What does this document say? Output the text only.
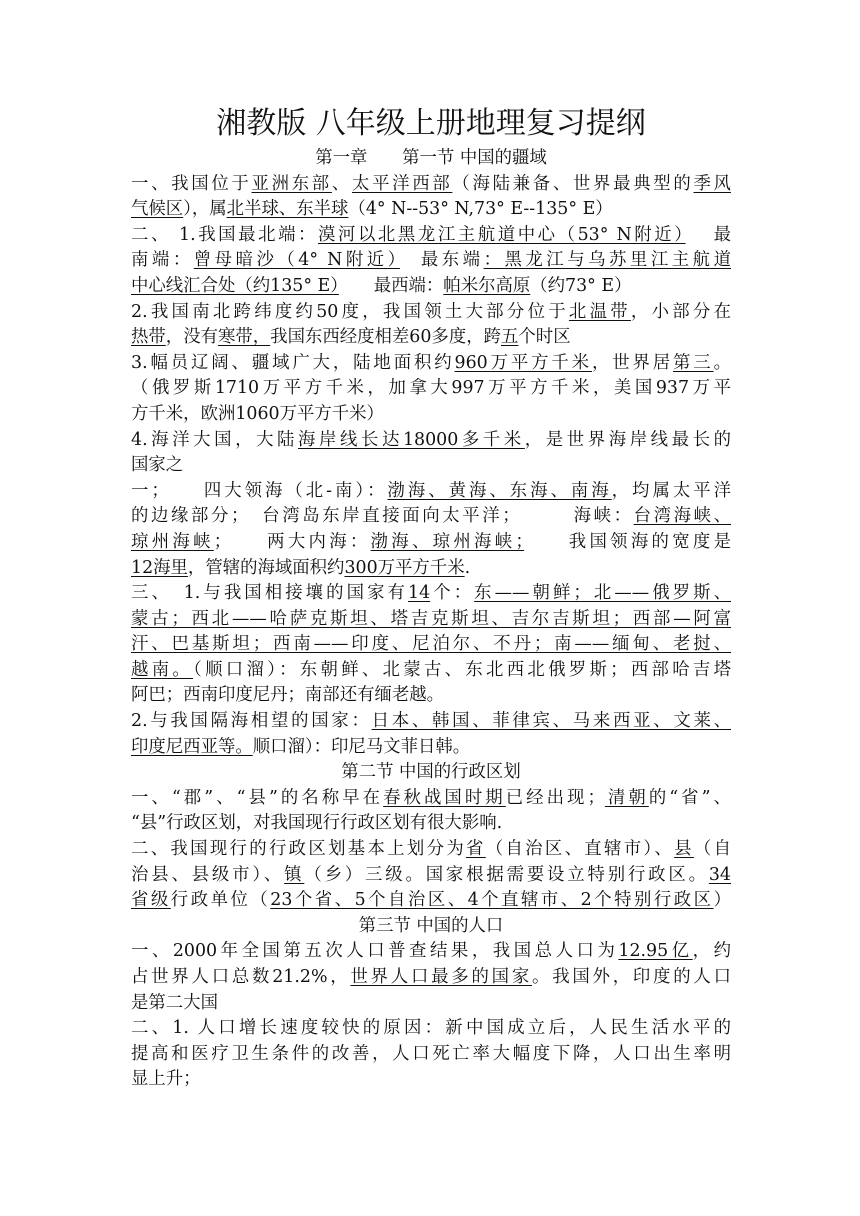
湘教版 八年级上册地理复习提纲

第一章　　第一节 中国的疆域

一、我国位于亚洲东部、太平洋西部（海陆兼备、世界最典型的季风

气候区），属北半球、东半球（4° N--53° N,73° E--135° E）

二、 1.我国最北端：漠河以北黑龙江主航道中心（53° N附近）　 最

南端：曾母暗沙（4° N附近）　最东端：黑龙江与乌苏里江主航道

中心线汇合处（约135° E）　　最西端：帕米尔高原（约73° E）

2.我国南北跨纬度约50度，我国领土大部分位于北温带，小部分在

热带，没有寒带，我国东西经度相差60多度，跨五个时区

3.幅员辽阔、疆域广大，陆地面积约960万平方千米，世界居第三。

（俄罗斯1710万平方千米，加拿大997万平方千米，美国937万平

方千米，欧洲1060万平方千米）

4.海洋大国，大陆海岸线长达18000多千米，是世界海岸线最长的

国家之

一；　　四大领海（北-南）：渤海、黄海、东海、南海，均属太平洋

的边缘部分；　台湾岛东岸直接面向太平洋；　　　海峡：台湾海峡、

琼州海峡；　　两大内海：渤海、琼州海峡；　　我国领海的宽度是

12海里，管辖的海域面积约300万平方千米.

三、　1.与我国相接壤的国家有14个：东——朝鲜；北——俄罗斯、

蒙古；西北——哈萨克斯坦、塔吉克斯坦、吉尔吉斯坦；西部—阿富

汗、巴基斯坦；西南——印度、尼泊尔、不丹；南——缅甸、老挝、

越南。（顺口溜）：东朝鲜、北蒙古、东北西北俄罗斯；西部哈吉塔

阿巴；西南印度尼丹；南部还有缅老越。

2.与我国隔海相望的国家：日本、韩国、菲律宾、马来西亚、文莱、

印度尼西亚等。顺口溜）：印尼马文菲日韩。

第二节 中国的行政区划

一、“郡”、“县”的名称早在春秋战国时期已经出现；清朝的“省”、

“县”行政区划，对我国现行行政区划有很大影响.

二、我国现行的行政区划基本上划分为省（自治区、直辖市）、县（自

治县、县级市）、镇（乡）三级。国家根据需要设立特别行政区。34

省级行政单位（23个省、5个自治区、4个直辖市、2个特别行政区）

第三节 中国的人口

一、2000年全国第五次人口普查结果，我国总人口为12.95亿，约

占世界人口总数21.2%，世界人口最多的国家。我国外，印度的人口

是第二大国

二、1. 人口增长速度较快的原因：新中国成立后，人民生活水平的

提高和医疗卫生条件的改善，人口死亡率大幅度下降，人口出生率明

显上升；
